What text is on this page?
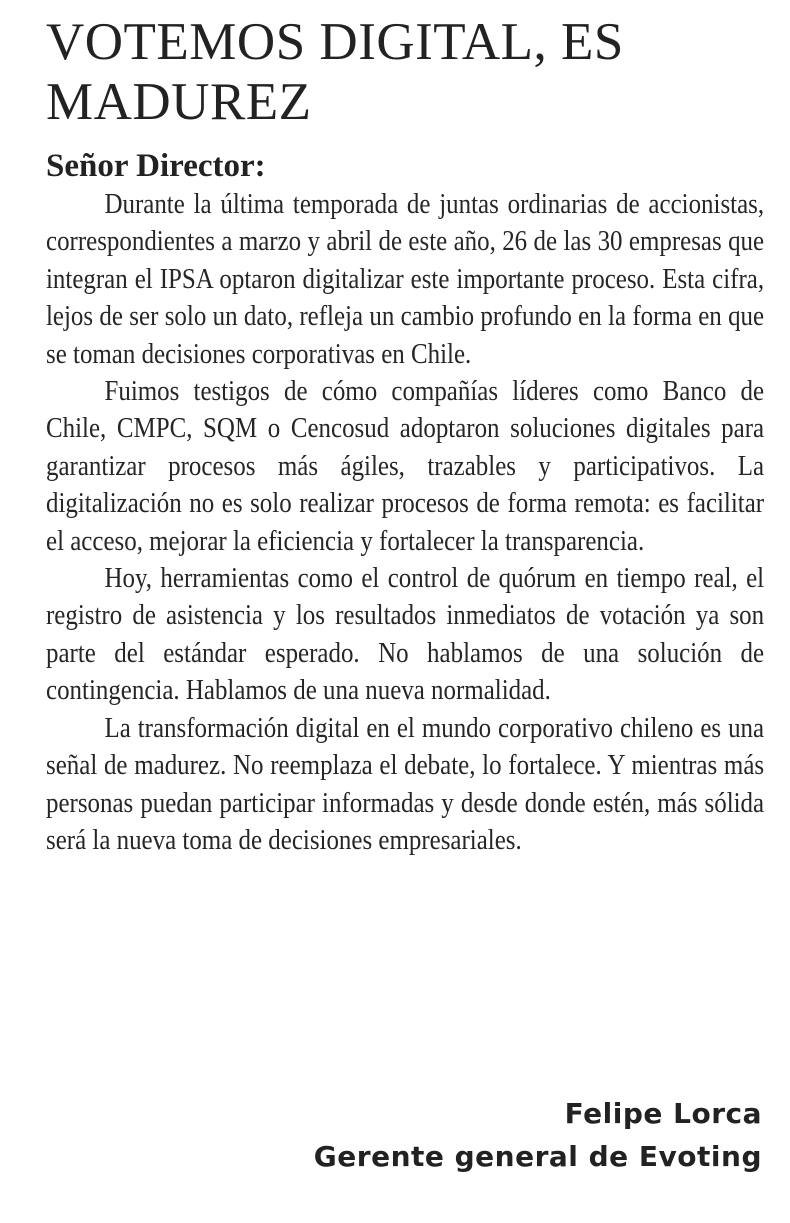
VOTEMOS DIGITAL, ES MADUREZ
Señor Director:

Durante la última temporada de juntas ordinarias de accionistas, correspondientes a marzo y abril de este año, 26 de las 30 empresas que integran el IPSA optaron digitalizar este importante proceso. Esta cifra, lejos de ser solo un dato, refleja un cambio profundo en la forma en que se toman decisiones corporativas en Chile.

Fuimos testigos de cómo compañías líderes como Banco de Chile, CMPC, SQM o Cencosud adoptaron soluciones digitales para garantizar procesos más ágiles, trazables y participativos. La digitalización no es solo realizar procesos de forma remota: es facilitar el acceso, mejorar la eficiencia y fortalecer la transparencia.

Hoy, herramientas como el control de quórum en tiempo real, el registro de asistencia y los resultados inmediatos de votación ya son parte del estándar esperado. No hablamos de una solución de contingencia. Hablamos de una nueva normalidad.

La transformación digital en el mundo corporativo chileno es una señal de madurez. No reemplaza el debate, lo fortalece. Y mientras más personas puedan participar informadas y desde donde estén, más sólida será la nueva toma de decisiones empresariales.

Felipe Lorca
Gerente general de Evoting
